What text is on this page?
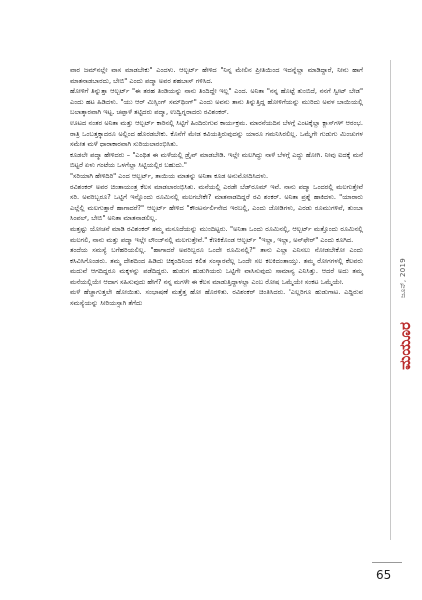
ವಾರ ಜಮ್‌ನಲ್ಲೇ ವಾಸ ಮಾಡಬೇಕು" ಎಂದಳು. ಆಲ್ಬರ್ಟ್ ಹೇಳಿದ "ನಿನ್ನ ಮೇಲಿನ ಪ್ರೀತಿಯಿಂದ ಇದನ್ನೆಲ್ಲಾ ಮಾಡಿದ್ದಾರೆ, ನೀನು ಹಾಗೆ ಮಾತನಾಡಬಾರದು, ಬೇಬಿ" ಎಂದು ಪದ್ಮಾ ಅವರ ಶಹಬಾಸ್ ಗಳಿಸಿದ.

ಹೋಳಿಗೆ ತಿನ್ನುತ್ತಾ ಆಲ್ಬರ್ಟ್ "ಈ ತರಹ ತಿಂಡಿಯನ್ನು ನಾನು ತಿಂದಿದ್ದೇ ಇಲ್ಲ" ಎಂದ. ಅನಿತಾ "ನನ್ನ ಹೊಟ್ಟೆ ತುಂಬಿದೆ, ನನಗೆ ಸ್ವೀಟ್ ಬೇಡ" ಎಂದು ಹಟ ಹಿಡಿದಳು. "ಯು ಆರ್ ಮಿಸ್ಸಿಂಗ್ ಸಮ್‌ಥಿಂಗ್" ಎಂದು ಅವನು ತಾನು ತಿನ್ನುತ್ತಿದ್ದ ಹೋಳಿಗೆಯನ್ನು ಮುರಿದು ಅವಳ ಬಾಯಿಯಲ್ಲಿ ಬಲಾತ್ಕಾರವಾಗಿ ಇಟ್ಟ. ಚಪ್ಪಾಳೆ ತಟ್ಟಿದರು ಪದ್ಮಾ, ಉದ್ವಿಗ್ನರಾದರು ರವಿಶಂಕರ್.

ಊಟದ ನಂತರ ಅನಿತಾ ಮತ್ತು ಆಲ್ಬರ್ಟ್ ಕಾರಿನಲ್ಲಿ ಸಿಟ್ಟಿಗೆ ಹಿಂದಿರುಗುವ ಕಾರ್ಯಕ್ರಮ. ಮಾರನೆಯದಿನ ಬೆಳಗ್ಗೆ ಎಂಟಕ್ಕೆಲ್ಲಾ ಕ್ಲಾಸ್‌ಗಳ್ ಆರಂಭ. ರಾತ್ರಿ ಒಂಬತ್ತಕ್ಕಾದರೂ ಅಲ್ಲಿಂದ ಹೊರಡಬೇಕು. ಕೊನೆಗೆ ಮೇಡ ಕವಿಯತ್ತಿರುವುದನ್ನು ಯಾರೂ ಗಮನಿಸಿರಲಿಲ್ಲ. ಒಮ್ಮೆಗೇ ಗುಡುಗು ಮಿಂಚುಗಳ ಸಮೇತ ಮಳೆ ಧಾರಾಕಾರವಾಗಿ ಸುರಿಯಲಾರಂಭಿಸಿತು.

ಕೂಡಲೇ ಪದ್ಮಾ ಹೇಳಿದರು – "ಎಂಥಿತ ಈ ಮಳೆಯಲ್ಲಿ ಡ್ರೈವ್ ಮಾಡಬೇಡಿ. ಇಲ್ಲೇ ಮಲಗಿದ್ದು ನಾಳೆ ಬೆಳಗ್ಗೆ ಎದ್ದು ಹೋಗಿ. ನೀವು ಐದಕ್ಕೆ ಮನೆ ಬಿಟ್ಟರೆ ಏಳು ಗಂಟೆಯ ಒಳಗೆಲ್ಲಾ ಸಿಟ್ಟಿಯಲ್ಲಿರ ಬಹುದು."

"ಸರಿಯಾಗಿ ಹೇಳಿದಿರಿ" ಎಂದ ಆಲ್ಬರ್ಟ್, ತಾಯಿಯ ಮಾತನ್ನು ಅನಿತಾ ಕೂಡ ಅನುಮೋದಿಸಿದಳು.

ರವಿಶಂಕರ್ ಅವರ ಚಿಂತಾಯಂತ್ರ ಕೆಲಸ ಮಾಡಲಾರಂಭಿಸಿತು. ಮನೆಯಲ್ಲಿ ಎರಡೇ ಬೆಡ್‌ರೂಮ್ ಇವೆ. ನಾನು ಪದ್ಮಾ ಒಂದರಲ್ಲಿ ಮಲಗುತ್ತೇವೆ ಸರಿ. ಅವರಿಬ್ಬರೂ? ಒಟ್ಟಿಗೆ ಇನ್ನೊಂದು ರೂಮಿನಲ್ಲಿ ಮಲಗಬೇಕೇ? ಮಾತನಾಡದಿದ್ದರೆ ರವಿ ಶಂಕರ್. ಅನಿತಾ ಪ್ರಶ್ನೆ ಹಾಕಿದಳು. "ಯಾರಾರು ಎಲ್ಲೆಲ್ಲಿ ಮಲಗುತ್ತಾರೆ ಹಾಗಾದರೆ?" ಆಲ್ಬರ್ಟ್ ಹೇಳಿದ "ಕೌಂಟರ್ನರ್ಲಿನೇದ ಇರಬಲ್ಲಿ, ಎಂದು ಜೋಡಿಗಳು, ಎರಡು ರೂಮುಗಳಿವೆ, ತುಂಬಾ ಸಿಂಪಲ್, ಬೇಬಿ" ಅನಿತಾ ಮಾತನಾಡಲಿಲ್ಲ.

ಮತ್ತಷ್ಟು ಯೋಚನೆ ಮಾಡಿ ರವಿಶಂಕರ್ ತಮ್ಮ ಮಸೂದೆಯನ್ನು ಮುಂದಿಟ್ಟರು. "ಅನಿತಾ ಒಂದು ರೂಮಿನಲ್ಲಿ, ಆಲ್ಬರ್ಟ್ ಮತ್ತೊಂದು ರೂಮಿನಲ್ಲಿ ಮಲಗಲಿ, ನಾನು ಮತ್ತು ಪದ್ಮಾ ಇಲ್ಲೇ ಲೌಂಜ್‌ನಲ್ಲಿ ಮಲಗುತ್ತೇವೆ." ಕೆಣಕಿಕೊಂಡ ಆಲ್ಬರ್ಟ್ "ಇಲ್ಲಾ, ಇಲ್ಲಾ, ಅನ್‌ಫೇರ್" ಎಂದು ಕೂಗಿದ.

ತಂದೆಯ ಸಮಸ್ಯೆ ಬಗೆಹರಿಯಲಿಲ್ಲ. "ಹಾಗಾದರೆ ಅವರಿಬ್ಬರೂ ಒಂದೇ ರೂಮಿನಲ್ಲಿ?" ತಾನು ಎಲ್ಲಾ ಎನಿಸಲು ನೋಡಬೇಕೋ ಎಂದು ಕಸಿವಿಸಿಗೊಂಡರು. ತಮ್ಮ ದೇಶದಿಂದ ಹಿಡಿದು ಚಿಕ್ಕಂದಿನಿಂದ ಕಲಿತ ಸಂಸ್ಕಾರವೆಲ್ಲ ಒಂದೇ ಸಲ ಕಲಕಿದಂತಾಯ್ತು. ತಮ್ಮ ರೋಗಗಳಲ್ಲಿ ಕೆಲವರು ಮದುವೆ ಆಗದಿದ್ದರೂ ಮಕ್ಕಳನ್ನು ಪಡೆದಿದ್ದರು. ಹುಡುಗ ಹುಡುಗಿಯರು ಒಟ್ಟಿಗೇ ವಾಸಿಸುವುದು ಸಾಮಾನ್ಯ ಎನಿಸಿತ್ತು. ಆದರೆ ಅದು ತಮ್ಮ ಮನೆಯಲ್ಲಿಯೇ ಆದಾಗ ಸಹಿಸುವುದು ಹೇಗೆ? ನನ್ನ ಮಗಳೇ ಈ ಕೆಲಸ ಮಾಡುತ್ತಿದ್ದಾಳಲ್ಲಾ ಎಂಬ ರೋಷ ಒಮ್ಮೆಯೇ ಸಂಕಟ ಒಮ್ಮೆಯೇ.

ಮಳೆ ಹೆಚ್ಚಾಗುತ್ತಲೇ ಹೋಯಿತು. ಸಂಭಾಷಣೆ ಮತ್ತೆತ್ತ ಹೋ ಹೊರಳಿತು. ರವಿಶಂಕರ್ ಚಿಂತಿಸಿದರು. 'ಎಲ್ಲರಿಗೂ ಹುಡುಗಾಟ. ಎದ್ದಿರುವ ಸಮಸ್ಯೆಯನ್ನು ಸೀರಿಯಸ್ಸಾಗಿ ತೆಗೆದು

ಜೂನ್, 2019
ಮಯೂರ
65
